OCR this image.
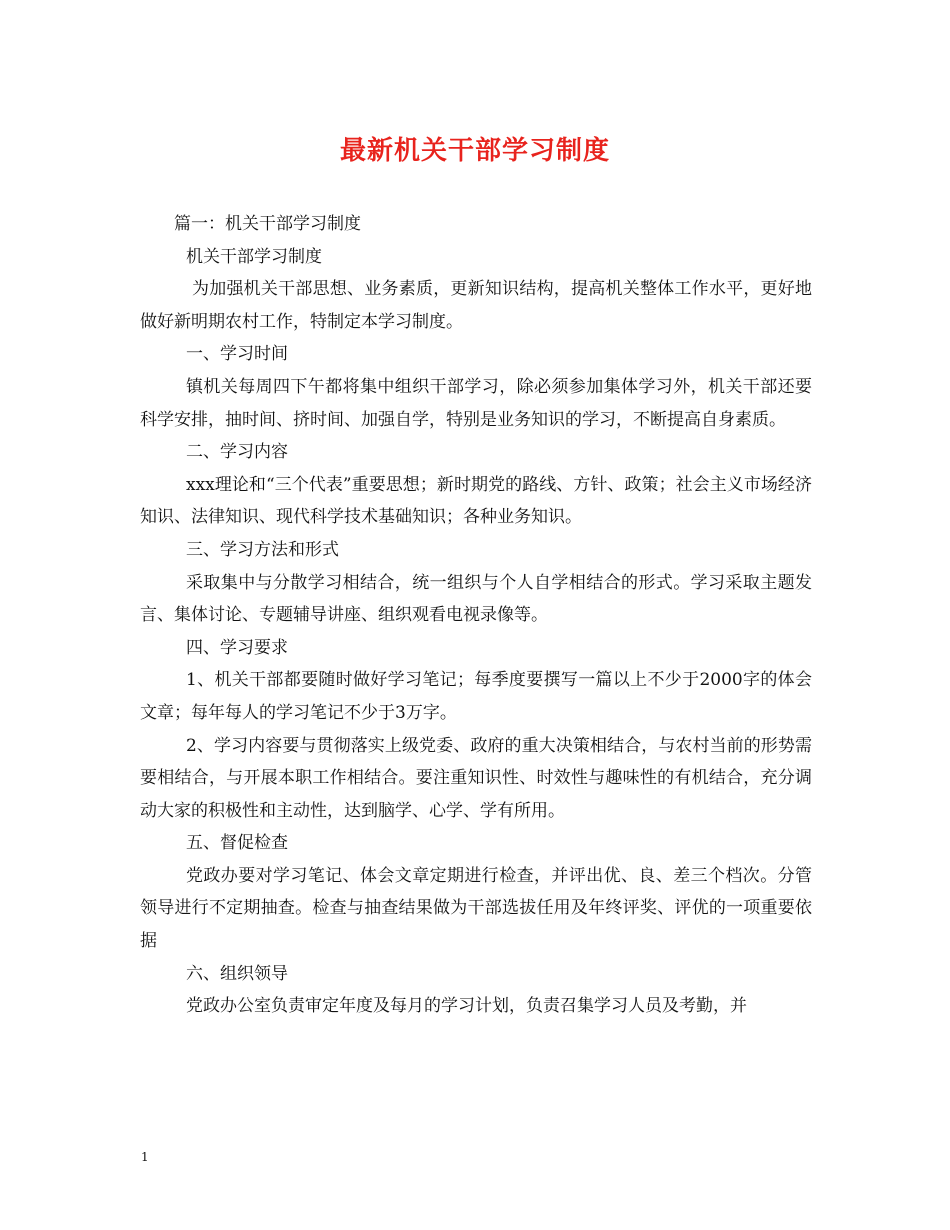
最新机关干部学习制度

篇一：机关干部学习制度

机关干部学习制度

为加强机关干部思想、业务素质，更新知识结构，提高机关整体工作水平，更好地做好新明期农村工作，特制定本学习制度。

一、学习时间

镇机关每周四下午都将集中组织干部学习，除必须参加集体学习外，机关干部还要科学安排，抽时间、挤时间、加强自学，特别是业务知识的学习，不断提高自身素质。

二、学习内容

xxx理论和“三个代表”重要思想；新时期党的路线、方针、政策；社会主义市场经济知识、法律知识、现代科学技术基础知识；各种业务知识。

三、学习方法和形式

采取集中与分散学习相结合，统一组织与个人自学相结合的形式。学习采取主题发言、集体讨论、专题辅导讲座、组织观看电视录像等。

四、学习要求

1、机关干部都要随时做好学习笔记；每季度要撰写一篇以上不少于2000字的体会文章；每年每人的学习笔记不少于3万字。

2、学习内容要与贯彻落实上级党委、政府的重大决策相结合，与农村当前的形势需要相结合，与开展本职工作相结合。要注重知识性、时效性与趣味性的有机结合，充分调动大家的积极性和主动性，达到脑学、心学、学有所用。

五、督促检查

党政办要对学习笔记、体会文章定期进行检查，并评出优、良、差三个档次。分管领导进行不定期抽查。检查与抽查结果做为干部选拔任用及年终评奖、评优的一项重要依据

六、组织领导

党政办公室负责审定年度及每月的学习计划，负责召集学习人员及考勤，并

1
